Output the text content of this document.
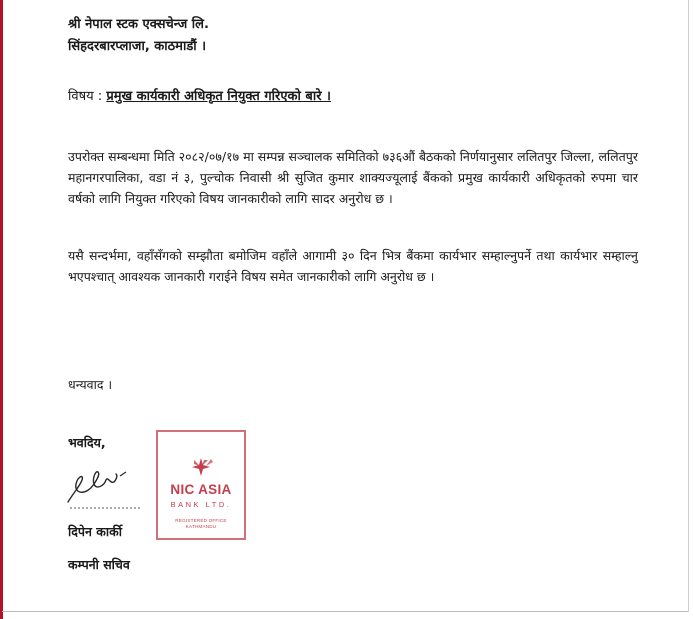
श्री नेपाल स्टक एक्सचेन्ज लि.
सिंहदरबारप्लाजा, काठमाडौं ।
विषय : प्रमुख कार्यकारी अधिकृत नियुक्त गरिएको बारे ।
उपरोक्त सम्बन्धमा मिति २०८२/०७/१७ मा सम्पन्न सञ्चालक समितिको ७३६औं बैठकको निर्णयानुसार ललितपुर जिल्ला, ललितपुर महानगरपालिका, वडा नं ३, पुल्चोक निवासी श्री सुजित कुमार शाक्यज्यूलाई बैंकको प्रमुख कार्यकारी अधिकृतको रुपमा चार वर्षको लागि नियुक्त गरिएको विषय जानकारीको लागि सादर अनुरोध छ ।
यसै सन्दर्भमा, वहाँसँगको सम्झौता बमोजिम वहाँले आगामी ३० दिन भित्र बैंकमा कार्यभार सम्हाल्नुपर्ने तथा कार्यभार सम्हाल्नु भएपश्चात् आवश्यक जानकारी गराईने विषय समेत जानकारीको लागि अनुरोध छ ।
धन्यवाद ।
भवदिय,
दिपेन कार्की
कम्पनी सचिव
NIC ASIA
BANK LTD.
REGISTERED OFFICE
KATHMANDU
